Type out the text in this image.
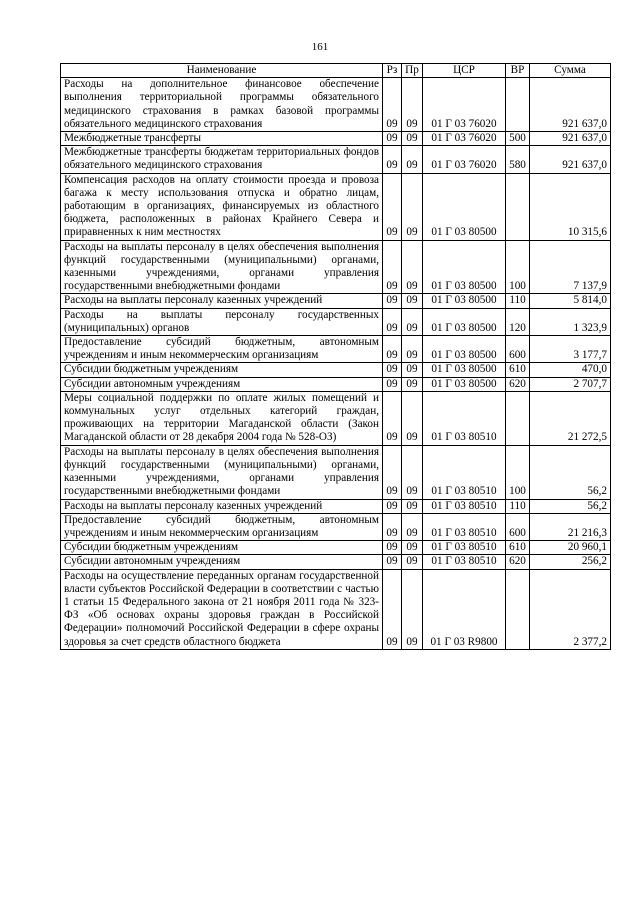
161
Наименование	Рз	Пр	ЦСР	ВР	Сумма
Расходы на дополнительное финансовое обеспечение выполнения территориальной программы обязательного медицинского страхования в рамках базовой программы обязательного медицинского страхования	09	09	01 Г 03 76020		921 637,0
Межбюджетные трансферты	09	09	01 Г 03 76020	500	921 637,0
Межбюджетные трансферты бюджетам территориальных фондов обязательного медицинского страхования	09	09	01 Г 03 76020	580	921 637,0
Компенсация расходов на оплату стоимости проезда и провоза багажа к месту использования отпуска и обратно лицам, работающим в организациях, финансируемых из областного бюджета, расположенных в районах Крайнего Севера и приравненных к ним местностях	09	09	01 Г 03 80500		10 315,6
Расходы на выплаты персоналу в целях обеспечения выполнения функций государственными (муниципальными) органами, казенными учреждениями, органами управления государственными внебюджетными фондами	09	09	01 Г 03 80500	100	7 137,9
Расходы на выплаты персоналу казенных учреждений	09	09	01 Г 03 80500	110	5 814,0
Расходы на выплаты персоналу государственных (муниципальных) органов	09	09	01 Г 03 80500	120	1 323,9
Предоставление субсидий бюджетным, автономным учреждениям и иным некоммерческим организациям	09	09	01 Г 03 80500	600	3 177,7
Субсидии бюджетным учреждениям	09	09	01 Г 03 80500	610	470,0
Субсидии автономным учреждениям	09	09	01 Г 03 80500	620	2 707,7
Меры социальной поддержки по оплате жилых помещений и коммунальных услуг отдельных категорий граждан, проживающих на территории Магаданской области (Закон Магаданской области от 28 декабря 2004 года № 528-ОЗ)	09	09	01 Г 03 80510		21 272,5
Расходы на выплаты персоналу в целях обеспечения выполнения функций государственными (муниципальными) органами, казенными учреждениями, органами управления государственными внебюджетными фондами	09	09	01 Г 03 80510	100	56,2
Расходы на выплаты персоналу казенных учреждений	09	09	01 Г 03 80510	110	56,2
Предоставление субсидий бюджетным, автономным учреждениям и иным некоммерческим организациям	09	09	01 Г 03 80510	600	21 216,3
Субсидии бюджетным учреждениям	09	09	01 Г 03 80510	610	20 960,1
Субсидии автономным учреждениям	09	09	01 Г 03 80510	620	256,2
Расходы на осуществление переданных органам государственной власти субъектов Российской Федерации в соответствии с частью 1 статьи 15 Федерального закона от 21 ноября 2011 года № 323-ФЗ «Об основах охраны здоровья граждан в Российской Федерации» полномочий Российской Федерации в сфере охраны здоровья за счет средств областного бюджета	09	09	01 Г 03 R9800		2 377,2
